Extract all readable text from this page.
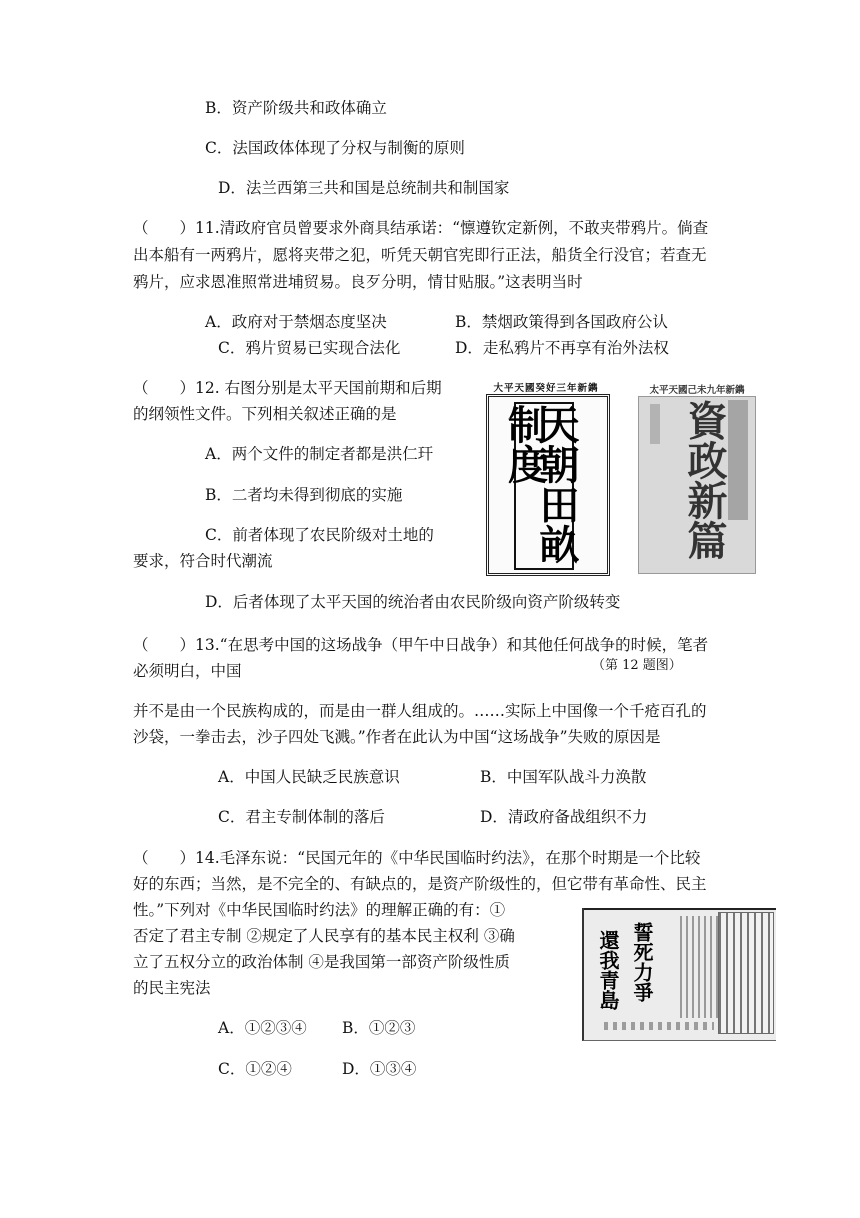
B．资产阶级共和政体确立
C．法国政体体现了分权与制衡的原则
D．法兰西第三共和国是总统制共和制国家
（　　）11.清政府官员曾要求外商具结承诺：“懔遵钦定新例，不敢夹带鸦片。倘查
出本船有一两鸦片，愿将夹带之犯，听凭天朝官宪即行正法，船货全行没官；若查无
鸦片，应求恩准照常进埔贸易。良歹分明，情甘贴服。”这表明当时
A．政府对于禁烟态度坚决	B．禁烟政策得到各国政府公认
C．鸦片贸易已实现合法化	D．走私鸦片不再享有治外法权
（　　）12. 右图分别是太平天国前期和后期
的纲领性文件。下列相关叙述正确的是
A．两个文件的制定者都是洪仁玕
B．二者均未得到彻底的实施
C．前者体现了农民阶级对土地的
要求，符合时代潮流
D．后者体现了太平天国的统治者由农民阶级向资产阶级转变
大平天國癸好三年新鐫
天朝田畝制度
太平天國己未九年新鐫
資政新篇
（第 12 题图）
（　　）13.“在思考中国的这场战争（甲午中日战争）和其他任何战争的时候，笔者
必须明白，中国
并不是由一个民族构成的，而是由一群人组成的。……实际上中国像一个千疮百孔的
沙袋，一拳击去，沙子四处飞溅。”作者在此认为中国“这场战争”失败的原因是
A．中国人民缺乏民族意识	B．中国军队战斗力涣散
C．君主专制体制的落后	D．清政府备战组织不力
（　　）14.毛泽东说：“民国元年的《中华民国临时约法》，在那个时期是一个比较
好的东西；当然，是不完全的、有缺点的，是资产阶级性的，但它带有革命性、民主
性。”下列对《中华民国临时约法》的理解正确的有：①
否定了君主专制 ②规定了人民享有的基本民主权利 ③确
立了五权分立的政治体制 ④是我国第一部资产阶级性质
的民主宪法
A．①②③④ B．①②③
C．①②④	D．①③④
誓死力爭
還我青島
